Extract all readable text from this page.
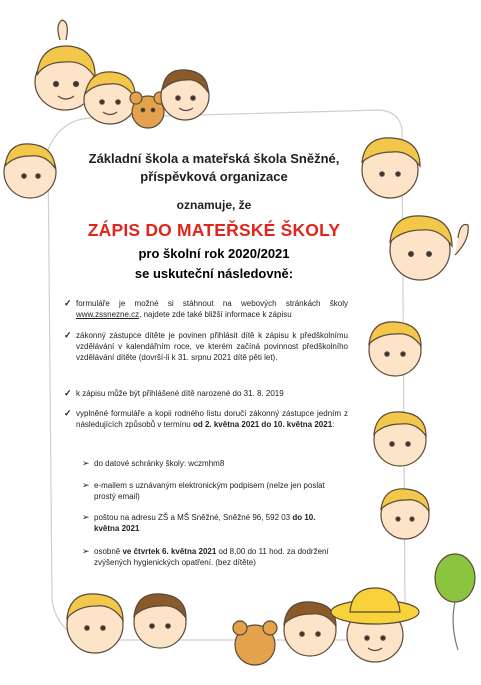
Základní škola a mateřská škola Sněžné,
příspěvková organizace
oznamuje, že
ZÁPIS DO MATEŘSKÉ ŠKOLY
pro školní rok 2020/2021
se uskuteční následovně:
✓ formuláře je možné si stáhnout na webových stránkách školy www.zssnezne.cz, najdete zde také bližší informace k zápisu
✓ zákonný zástupce dítěte je povinen přihlásit dítě k zápisu k předškolnímu vzdělávání v kalendářním roce, ve kterém začíná povinnost předškolního vzdělávání dítěte (dovrší-li k 31. srpnu 2021 dítě pěti let).
✓ k zápisu může být přihlášené dítě narozené do 31. 8. 2019
✓ vyplněné formuláře a kopii rodného listu doručí zákonný zástupce jedním z následujících způsobů v termínu od 2. května 2021 do 10. května 2021:
➢ do datové schránky školy: wczmhm8
➢ e-mailem s uznávaným elektronickým podpisem (nelze jen poslat prostý email)
➢ poštou na adresu ZŠ a MŠ Sněžné, Sněžné 96, 592 03 do 10. května 2021
➢ osobně ve čtvrtek 6. května 2021 od 8,00 do 11 hod. za dodržení zvýšených hygienických opatření. (bez dítěte)
